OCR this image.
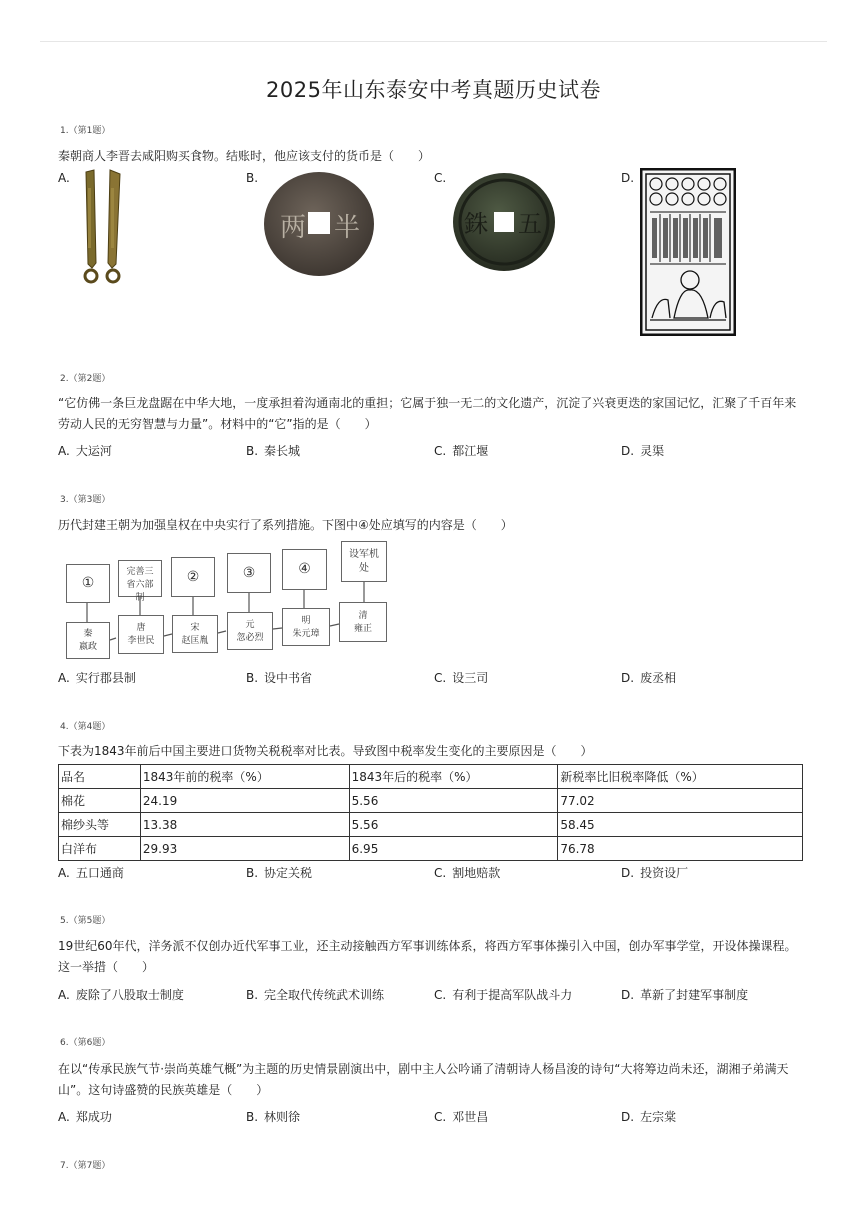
2025年山东泰安中考真题历史试卷
1.（第1题）
秦朝商人李晋去咸阳购买食物。结账时，他应该支付的货币是（　　）
A.	B.	C.	D.
两 半	銖 五
2.（第2题）
“它仿佛一条巨龙盘踞在中华大地，一度承担着沟通南北的重担；它属于独一无二的文化遗产，沉淀了兴衰更迭的家国记忆，汇聚了千百年来劳动人民的无穷智慧与力量”。材料中的“它”指的是（　　）
A. 大运河	B. 秦长城	C. 都江堰	D. 灵渠
3.（第3题）
历代封建王朝为加强皇权在中央实行了系列措施。下图中④处应填写的内容是（　　）
①
完善三省六部制
②	③	④
设军机处
秦
嬴政
唐
李世民
宋
赵匡胤
元
忽必烈
明
朱元璋
清
雍正
A. 实行郡县制	B. 设中书省	C. 设三司	D. 废丞相
4.（第4题）
下表为1843年前后中国主要进口货物关税税率对比表。导致图中税率发生变化的主要原因是（　　）
品名	1843年前的税率（%）	1843年后的税率（%）	新税率比旧税率降低（%）
棉花	24.19	5.56	77.02
棉纱头等	13.38	5.56	58.45
白洋布	29.93	6.95	76.78
A. 五口通商	B. 协定关税	C. 割地赔款	D. 投资设厂
5.（第5题）
19世纪60年代，洋务派不仅创办近代军事工业，还主动接触西方军事训练体系，将西方军事体操引入中国，创办军事学堂，开设体操课程。这一举措（　　）
A. 废除了八股取士制度	B. 完全取代传统武术训练	C. 有利于提高军队战斗力	D. 革新了封建军事制度
6.（第6题）
在以“传承民族气节·崇尚英雄气概”为主题的历史情景剧演出中，剧中主人公吟诵了清朝诗人杨昌浚的诗句“大将筹边尚未还，湖湘子弟满天山”。这句诗盛赞的民族英雄是（　　）
A. 郑成功	B. 林则徐	C. 邓世昌	D. 左宗棠
7.（第7题）
